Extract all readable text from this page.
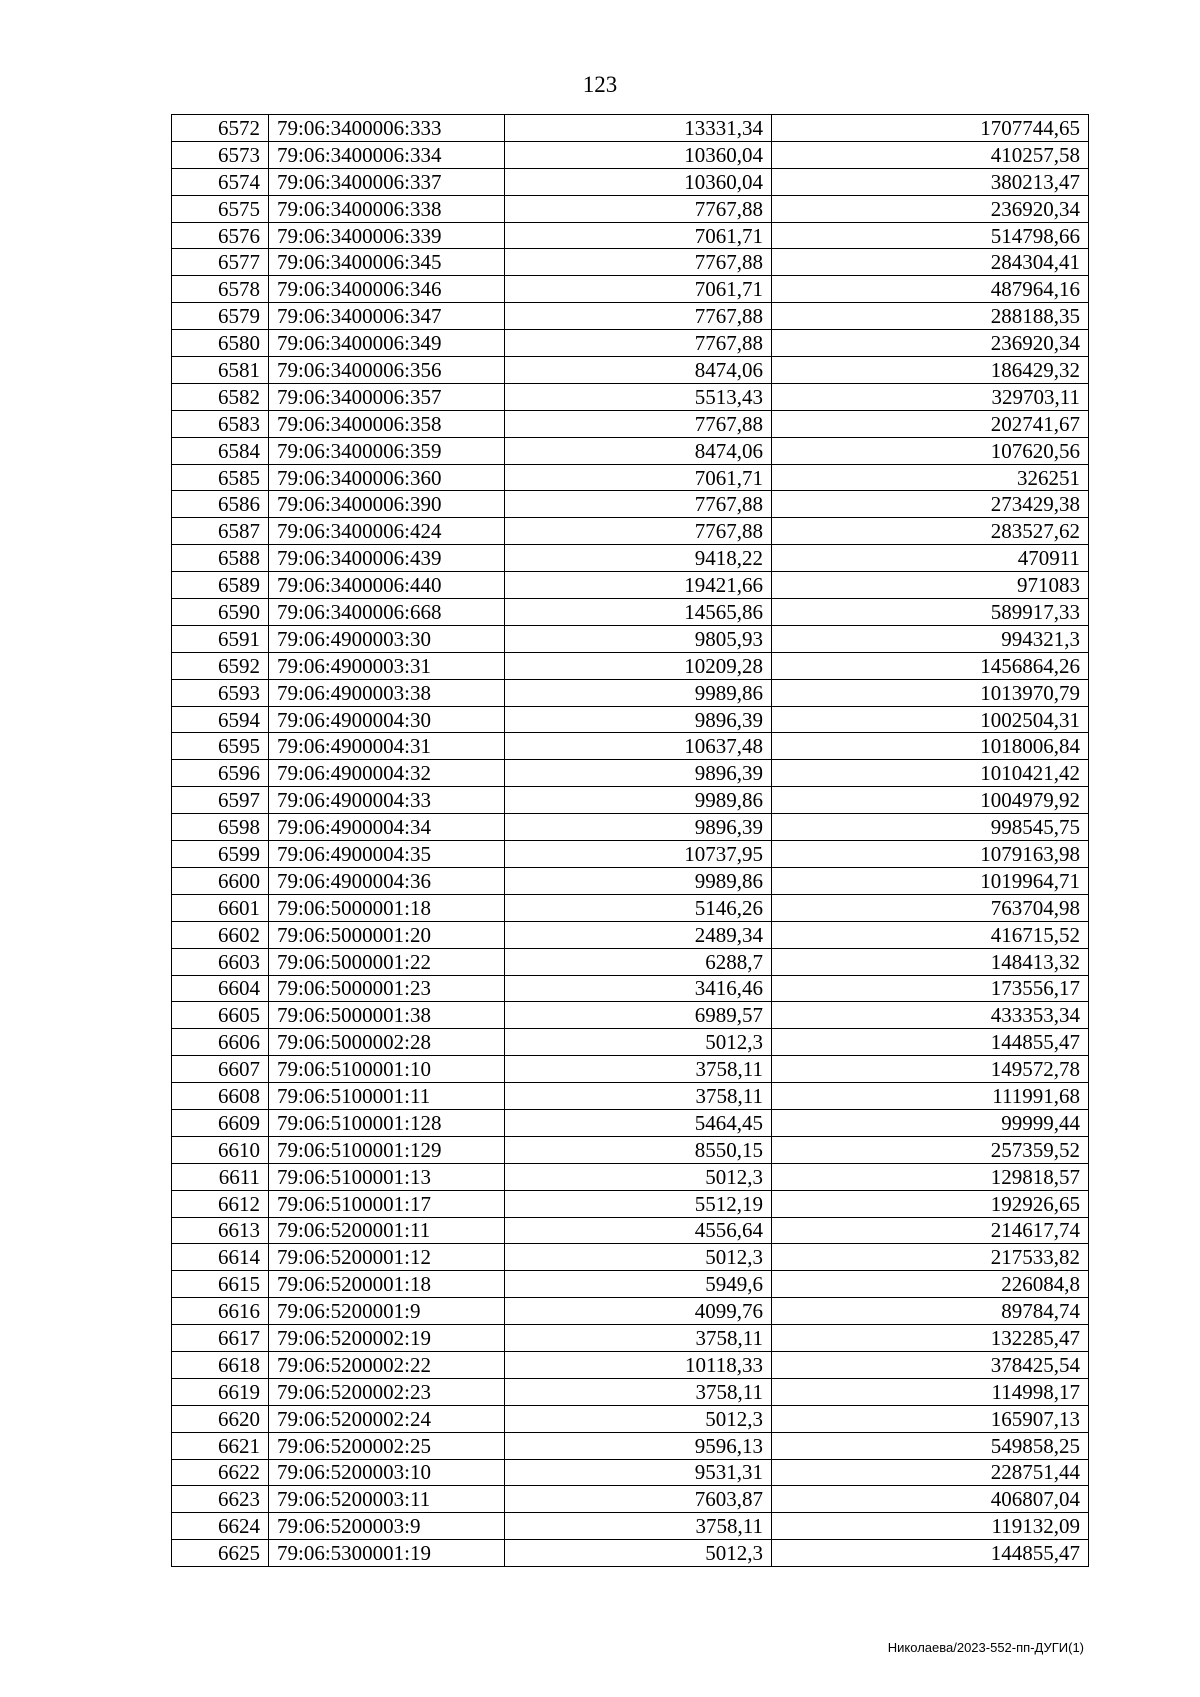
123
6572	79:06:3400006:333	13331,34	1707744,65
6573	79:06:3400006:334	10360,04	410257,58
6574	79:06:3400006:337	10360,04	380213,47
6575	79:06:3400006:338	7767,88	236920,34
6576	79:06:3400006:339	7061,71	514798,66
6577	79:06:3400006:345	7767,88	284304,41
6578	79:06:3400006:346	7061,71	487964,16
6579	79:06:3400006:347	7767,88	288188,35
6580	79:06:3400006:349	7767,88	236920,34
6581	79:06:3400006:356	8474,06	186429,32
6582	79:06:3400006:357	5513,43	329703,11
6583	79:06:3400006:358	7767,88	202741,67
6584	79:06:3400006:359	8474,06	107620,56
6585	79:06:3400006:360	7061,71	326251
6586	79:06:3400006:390	7767,88	273429,38
6587	79:06:3400006:424	7767,88	283527,62
6588	79:06:3400006:439	9418,22	470911
6589	79:06:3400006:440	19421,66	971083
6590	79:06:3400006:668	14565,86	589917,33
6591	79:06:4900003:30	9805,93	994321,3
6592	79:06:4900003:31	10209,28	1456864,26
6593	79:06:4900003:38	9989,86	1013970,79
6594	79:06:4900004:30	9896,39	1002504,31
6595	79:06:4900004:31	10637,48	1018006,84
6596	79:06:4900004:32	9896,39	1010421,42
6597	79:06:4900004:33	9989,86	1004979,92
6598	79:06:4900004:34	9896,39	998545,75
6599	79:06:4900004:35	10737,95	1079163,98
6600	79:06:4900004:36	9989,86	1019964,71
6601	79:06:5000001:18	5146,26	763704,98
6602	79:06:5000001:20	2489,34	416715,52
6603	79:06:5000001:22	6288,7	148413,32
6604	79:06:5000001:23	3416,46	173556,17
6605	79:06:5000001:38	6989,57	433353,34
6606	79:06:5000002:28	5012,3	144855,47
6607	79:06:5100001:10	3758,11	149572,78
6608	79:06:5100001:11	3758,11	111991,68
6609	79:06:5100001:128	5464,45	99999,44
6610	79:06:5100001:129	8550,15	257359,52
6611	79:06:5100001:13	5012,3	129818,57
6612	79:06:5100001:17	5512,19	192926,65
6613	79:06:5200001:11	4556,64	214617,74
6614	79:06:5200001:12	5012,3	217533,82
6615	79:06:5200001:18	5949,6	226084,8
6616	79:06:5200001:9	4099,76	89784,74
6617	79:06:5200002:19	3758,11	132285,47
6618	79:06:5200002:22	10118,33	378425,54
6619	79:06:5200002:23	3758,11	114998,17
6620	79:06:5200002:24	5012,3	165907,13
6621	79:06:5200002:25	9596,13	549858,25
6622	79:06:5200003:10	9531,31	228751,44
6623	79:06:5200003:11	7603,87	406807,04
6624	79:06:5200003:9	3758,11	119132,09
6625	79:06:5300001:19	5012,3	144855,47
Николаева/2023-552-пп-ДУГИ(1)
